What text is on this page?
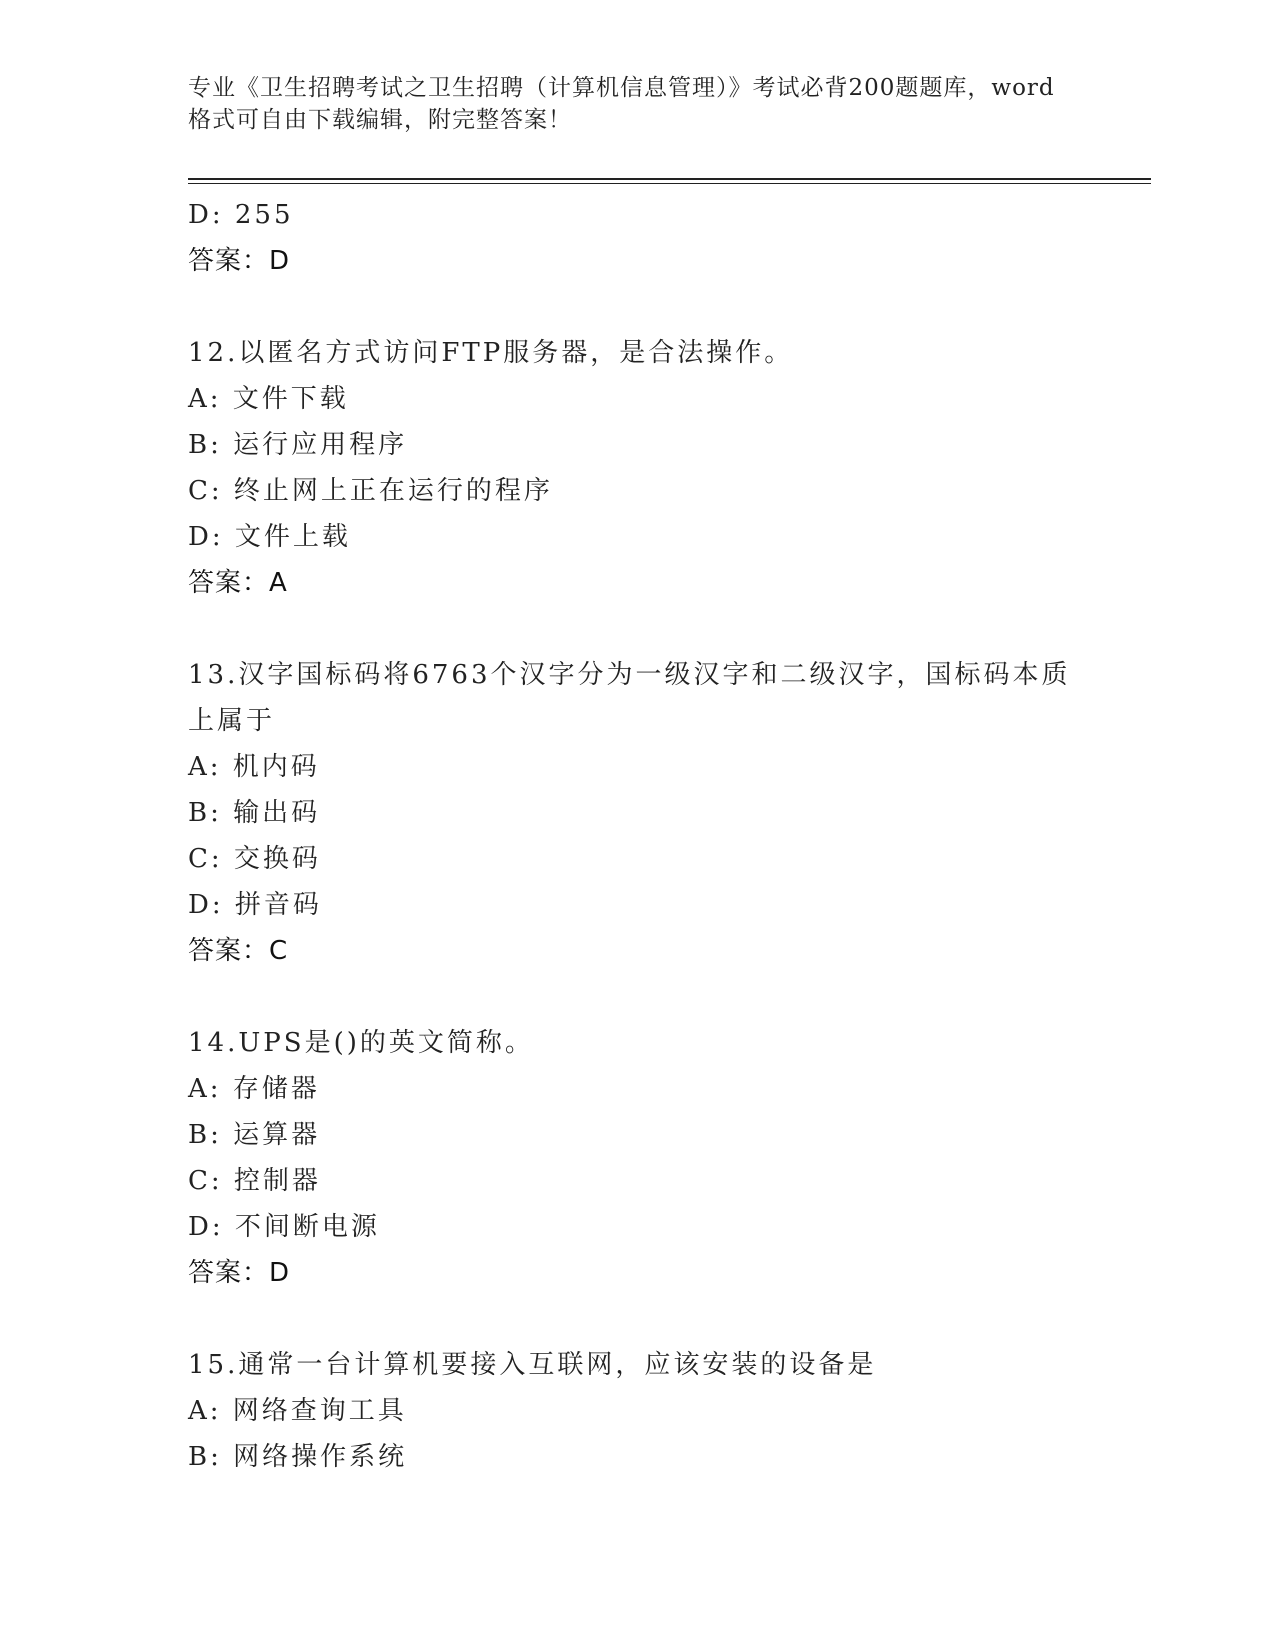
专业《卫生招聘考试之卫生招聘（计算机信息管理）》考试必背200题题库，word
格式可自由下载编辑，附完整答案！
D: 255
答案：D
12.以匿名方式访问FTP服务器，是合法操作。
A: 文件下载
B: 运行应用程序
C: 终止网上正在运行的程序
D: 文件上载
答案：A
13.汉字国标码将6763个汉字分为一级汉字和二级汉字，国标码本质
上属于
A: 机内码
B: 输出码
C: 交换码
D: 拼音码
答案：C
14.UPS是()的英文简称。
A: 存储器
B: 运算器
C: 控制器
D: 不间断电源
答案：D
15.通常一台计算机要接入互联网，应该安装的设备是
A: 网络查询工具
B: 网络操作系统
